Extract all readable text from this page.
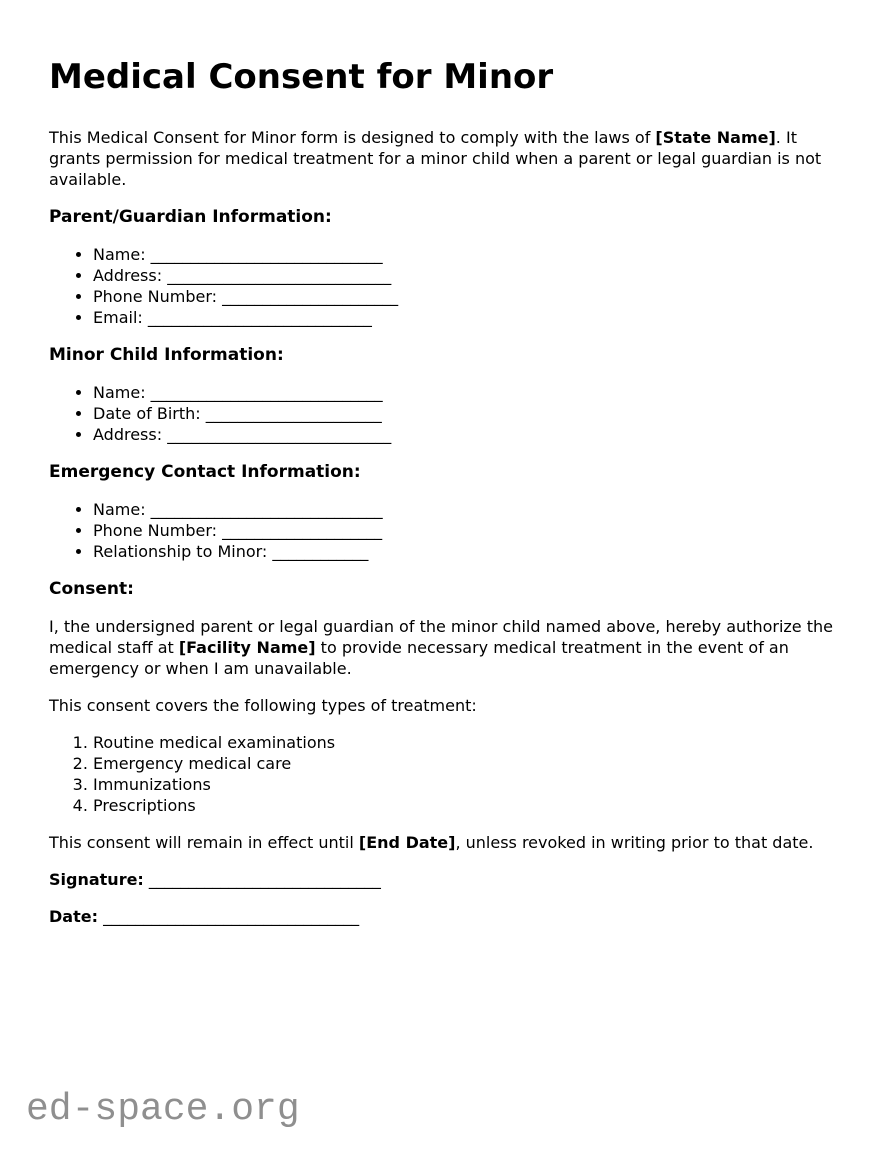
Medical Consent for Minor

This Medical Consent for Minor form is designed to comply with the laws of [State Name]. It grants permission for medical treatment for a minor child when a parent or legal guardian is not available.

Parent/Guardian Information:
• Name: _____________________________
• Address: ____________________________
• Phone Number: ______________________
• Email: ____________________________
Minor Child Information:
• Name: _____________________________
• Date of Birth: ______________________
• Address: ____________________________
Emergency Contact Information:
• Name: _____________________________
• Phone Number: ____________________
• Relationship to Minor: ____________
Consent:

I, the undersigned parent or legal guardian of the minor child named above, hereby authorize the medical staff at [Facility Name] to provide necessary medical treatment in the event of an emergency or when I am unavailable.

This consent covers the following types of treatment:

1. Routine medical examinations
2. Emergency medical care
3. Immunizations
4. Prescriptions

This consent will remain in effect until [End Date], unless revoked in writing prior to that date.

Signature: _____________________________

Date: ________________________________

ed-space.org
